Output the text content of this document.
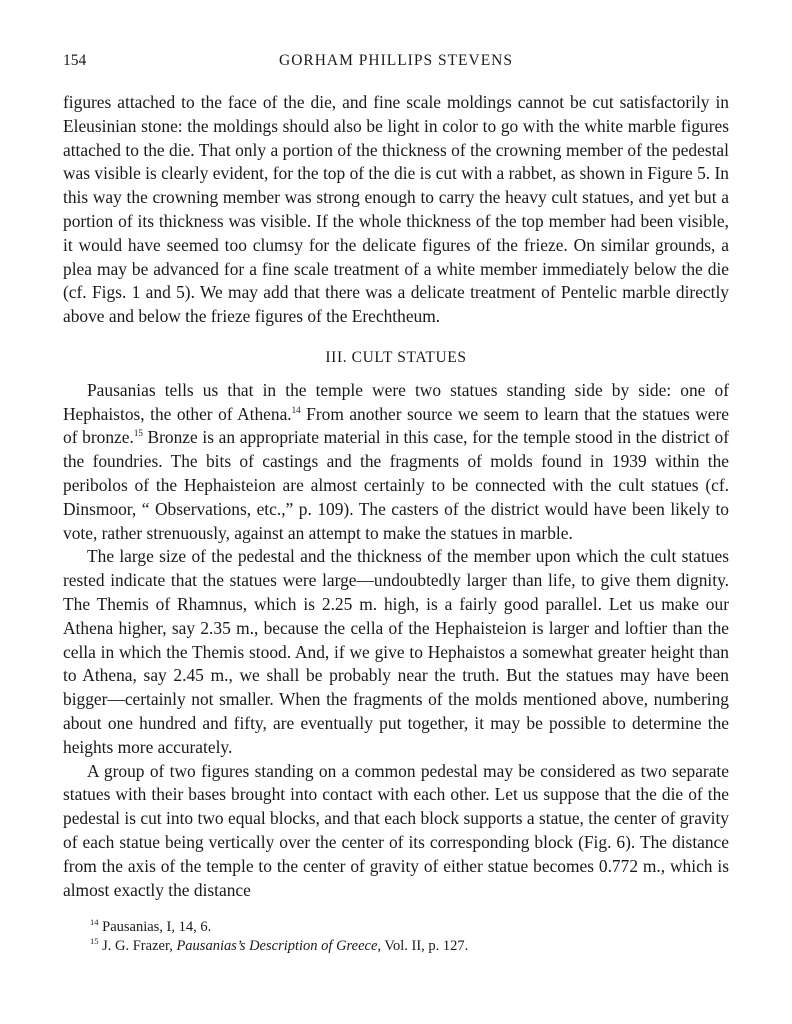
154	GORHAM PHILLIPS STEVENS

figures attached to the face of the die, and fine scale moldings cannot be cut satisfactorily in Eleusinian stone: the moldings should also be light in color to go with the white marble figures attached to the die. That only a portion of the thickness of the crowning member of the pedestal was visible is clearly evident, for the top of the die is cut with a rabbet, as shown in Figure 5. In this way the crowning member was strong enough to carry the heavy cult statues, and yet but a portion of its thickness was visible. If the whole thickness of the top member had been visible, it would have seemed too clumsy for the delicate figures of the frieze. On similar grounds, a plea may be advanced for a fine scale treatment of a white member immediately below the die (cf. Figs. 1 and 5). We may add that there was a delicate treatment of Pentelic marble directly above and below the frieze figures of the Erechtheum.

III. CULT STATUES

Pausanias tells us that in the temple were two statues standing side by side: one of Hephaistos, the other of Athena.$^{14}$ From another source we seem to learn that the statues were of bronze.$^{15}$ Bronze is an appropriate material in this case, for the temple stood in the district of the foundries. The bits of castings and the fragments of molds found in 1939 within the peribolos of the Hephaisteion are almost certainly to be connected with the cult statues (cf. Dinsmoor, “ Observations, etc.,” p. 109). The casters of the district would have been likely to vote, rather strenuously, against an attempt to make the statues in marble.

The large size of the pedestal and the thickness of the member upon which the cult statues rested indicate that the statues were large—undoubtedly larger than life, to give them dignity. The Themis of Rhamnus, which is 2.25 m. high, is a fairly good parallel. Let us make our Athena higher, say 2.35 m., because the cella of the Hephaisteion is larger and loftier than the cella in which the Themis stood. And, if we give to Hephaistos a somewhat greater height than to Athena, say 2.45 m., we shall be probably near the truth. But the statues may have been bigger—certainly not smaller. When the fragments of the molds mentioned above, numbering about one hundred and fifty, are eventually put together, it may be possible to determine the heights more accurately.

A group of two figures standing on a common pedestal may be considered as two separate statues with their bases brought into contact with each other. Let us suppose that the die of the pedestal is cut into two equal blocks, and that each block supports a statue, the center of gravity of each statue being vertically over the center of its corresponding block (Fig. 6). The distance from the axis of the temple to the center of gravity of either statue becomes 0.772 m., which is almost exactly the distance

$^{14}$ Pausanias, I, 14, 6.

$^{15}$ J. G. Frazer, Pausanias’s Description of Greece, Vol. II, p. 127.
